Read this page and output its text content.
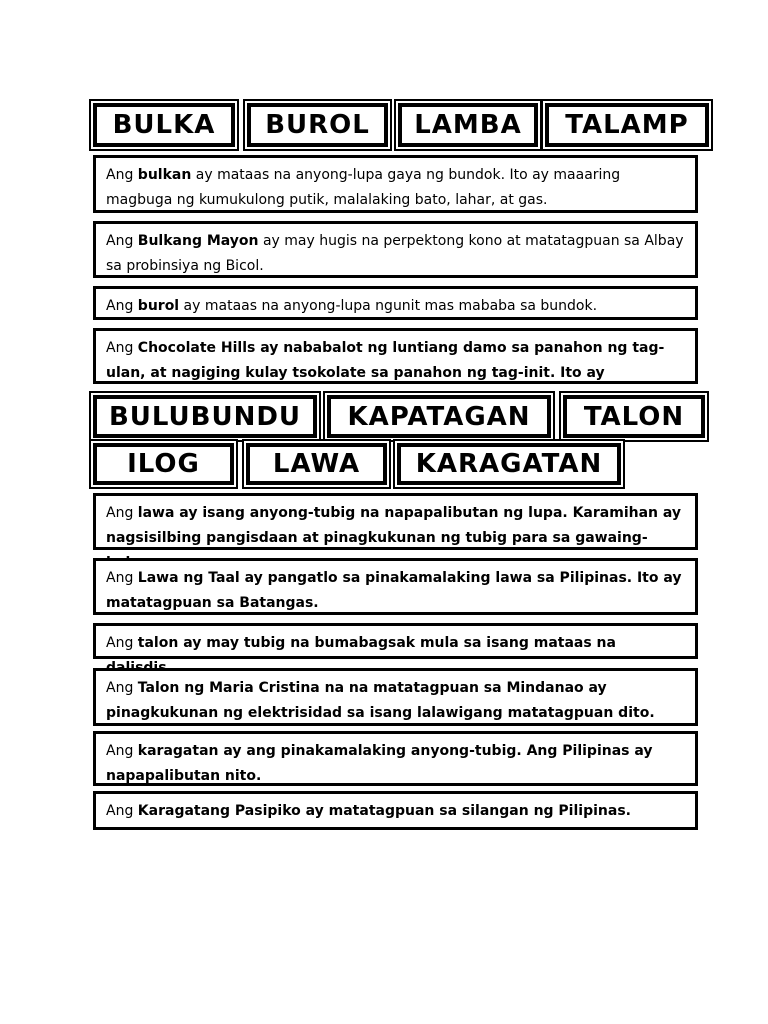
BULKA	BUROL	LAMBA	TALAMP
Ang bulkan ay mataas na anyong-lupa gaya ng bundok. Ito ay maaaring magbuga ng kumukulong putik, malalaking bato, lahar, at gas.
Ang Bulkang Mayon ay may hugis na perpektong kono at matatagpuan sa Albay sa probinsiya ng Bicol.
Ang burol ay mataas na anyong-lupa ngunit mas mababa sa bundok.
Ang Chocolate Hills ay nababalot ng luntiang damo sa panahon ng tag-ulan, at nagiging kulay tsokolate sa panahon ng tag-init. Ito ay
BULUBUNDU	KAPATAGAN	TALON
ILOG	LAWA	KARAGATAN
Ang lawa ay isang anyong-tubig na napapalibutan ng lupa. Karamihan ay nagsisilbing pangisdaan at pinagkukunan ng tubig para sa gawaing-
Ang Lawa ng Taal ay pangatlo sa pinakamalaking lawa sa Pilipinas. Ito ay matatagpuan sa Batangas.
Ang talon ay may tubig na bumabagsak mula sa isang mataas na
Ang Talon ng Maria Cristina na na matatagpuan sa Mindanao ay pinagkukunan ng elektrisidad sa isang lalawigang matatagpuan dito.
Ang karagatan ay ang pinakamalaking anyong-tubig. Ang Pilipinas ay napapalibutan nito.
Ang Karagatang Pasipiko ay matatagpuan sa silangan ng Pilipinas.
